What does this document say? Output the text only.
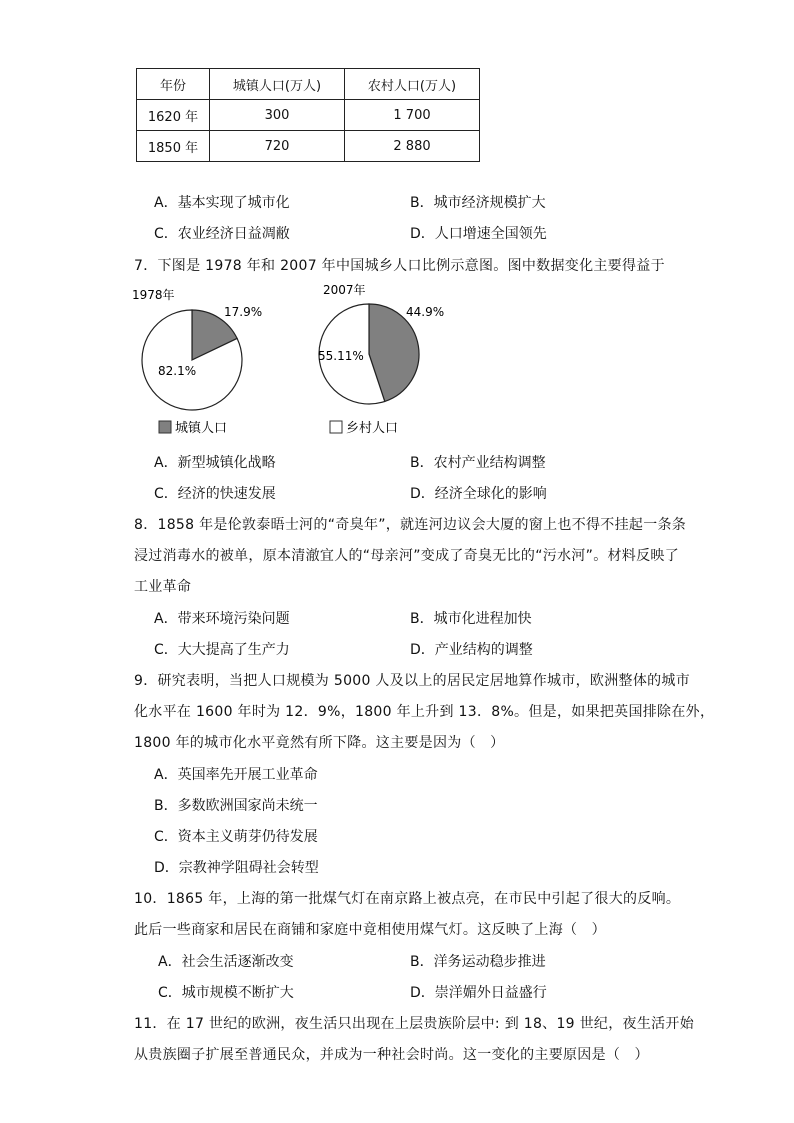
年份	城镇人口(万人)	农村人口(万人)
1620 年	300	1 700
1850 年	720	2 880
A．基本实现了城市化	B．城市经济规模扩大
C．农业经济日益凋敝	D．人口增速全国领先
7．下图是 1978 年和 2007 年中国城乡人口比例示意图。图中数据变化主要得益于
1978年
17.9%
82.1%
2007年
44.9%
55.11%
城镇人口	乡村人口
A．新型城镇化战略	B．农村产业结构调整
C．经济的快速发展	D．经济全球化的影响
8．1858 年是伦敦泰晤士河的“奇臭年”，就连河边议会大厦的窗上也不得不挂起一条条
浸过消毒水的被单，原本清澈宜人的“母亲河”变成了奇臭无比的“污水河”。材料反映了
工业革命
A．带来环境污染问题	B．城市化进程加快
C．大大提高了生产力	D．产业结构的调整
9．研究表明，当把人口规模为 5000 人及以上的居民定居地算作城市，欧洲整体的城市
化水平在 1600 年时为 12．9%，1800 年上升到 13．8%。但是，如果把英国排除在外，
1800 年的城市化水平竟然有所下降。这主要是因为（　）
A．英国率先开展工业革命
B．多数欧洲国家尚未统一
C．资本主义萌芽仍待发展
D．宗教神学阻碍社会转型
10．1865 年，上海的第一批煤气灯在南京路上被点亮，在市民中引起了很大的反响。
此后一些商家和居民在商铺和家庭中竟相使用煤气灯。这反映了上海（　）
A．社会生活逐渐改变	B．洋务运动稳步推进
C．城市规模不断扩大	D．崇洋媚外日益盛行
11．在 17 世纪的欧洲，夜生活只出现在上层贵族阶层中: 到 18、19 世纪，夜生活开始
从贵族圈子扩展至普通民众，并成为一种社会时尚。这一变化的主要原因是（　）
